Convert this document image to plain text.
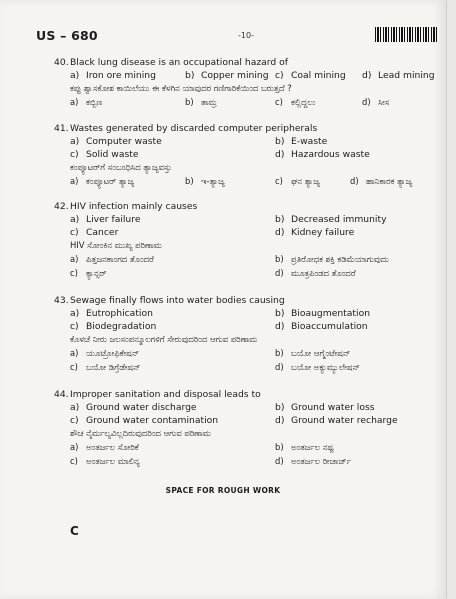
US – 680	-10-
40.Black lung disease is an occupational hazard of
a) Iron ore mining	b) Copper mining c) Coal mining d) Lead mining
ಕಪ್ಪು ಶ್ವಾಸಕೋಶ ಕಾಯಿಲೆಯು ಈ ಕೆಳಗಿನ ಯಾವುದರ ಗಣಿಗಾರಿಕೆಯಿಂದ ಬರುತ್ತದೆ ?
a) ಕಬ್ಬಿಣ	b) ತಾಮ್ರ	c) ಕಲ್ಲಿದ್ದಲು	d) ಸೀಸ
41.Wastes generated by discarded computer peripherals
a) Computer waste	b) E-waste
c) Solid waste	d) Hazardous waste
ಕಂಪ್ಯೂಟರ್‌ಗೆ ಸಂಬಂಧಿಸಿದ ತ್ಯಾಜ್ಯವಸ್ತು
a) ಕಂಪ್ಯೂಟರ್ ತ್ಯಾಜ್ಯ	b) ಇ-ತ್ಯಾಜ್ಯ	c) ಘನ ತ್ಯಾಜ್ಯ	d) ಹಾನಿಕಾರಕ ತ್ಯಾಜ್ಯ
42.HIV infection mainly causes
a) Liver failure	b) Decreased immunity
c) Cancer	d) Kidney failure
HIV ಸೋಂಕಿನ ಮುಖ್ಯ ಪರಿಣಾಮ
a) ಪಿತ್ತಜನಕಾಂಗದ ತೊಂದರೆ	b) ಪ್ರತಿರೋಧಕ ಶಕ್ತಿ ಕಡಿಮೆಯಾಗುವುದು
c) ಕ್ಯಾನ್ಸರ್	d) ಮೂತ್ರಪಿಂಡದ ತೊಂದರೆ
43.Sewage finally flows into water bodies causing
a) Eutrophication	b) Bioaugmentation
c) Biodegradation	d) Bioaccumulation
ಕೊಳಚೆ ನೀರು ಜಲಸಂಪನ್ಮೂಲಗಳಿಗೆ ಸೇರುವುದರಿಂದ ಆಗುವ ಪರಿಣಾಮ
a) ಯೂಟ್ರೋಫಿಕೇಷನ್	b) ಬಯೋ ಆಗ್ಮೆಂಟೇಷನ್
c) ಬಯೋ ಡಿಗ್ರೆಡೇಷನ್	d) ಬಯೋ ಅಕ್ಯುಮ್ಯುಲೇಷನ್
44.Improper sanitation and disposal leads to
a) Ground water discharge	b) Ground water loss
c) Ground water contamination	d) Ground water recharge
ಶೌಚ ನೈರ್ಮಲ್ಯವಿಲ್ಲದಿರುವುದರಿಂದ ಆಗುವ ಪರಿಣಾಮ
a) ಅಂತರ್ಜಲ ಸೋರಿಕೆ	b) ಅಂತರ್ಜಲ ನಷ್ಟ
c) ಅಂತರ್ಜಲ ಮಾಲಿನ್ಯ	d) ಅಂತರ್ಜಲ ರೀಚಾರ್ಜ್
SPACE FOR ROUGH WORK
C
